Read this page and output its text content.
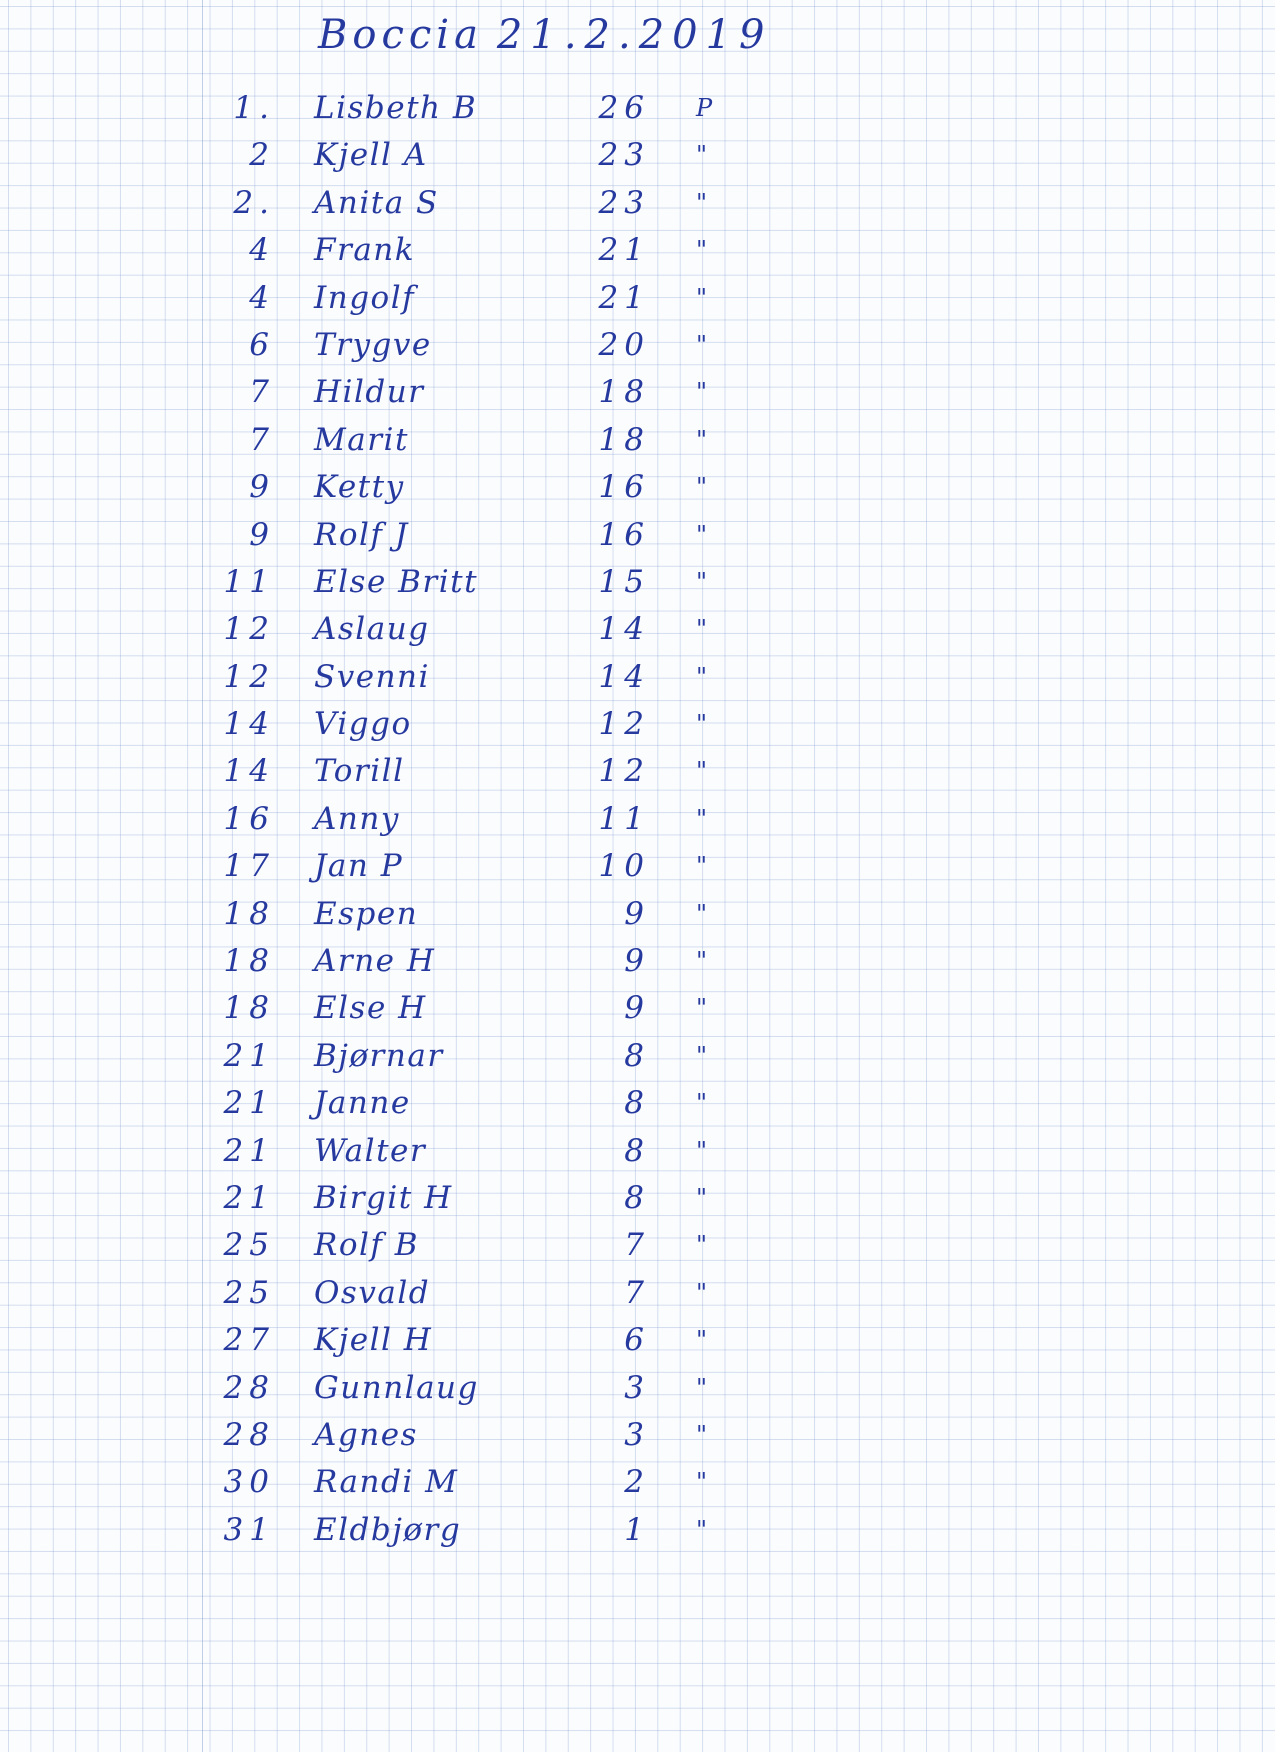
Boccia 21.2.2019
1. Lisbeth B	26 P
2 Kjell A	23 "
2. Anita S	23 "
4 Frank	21 "
4 Ingolf	21 "
6 Trygve	20 "
7 Hildur	18 "
7 Marit	18 "
9 Ketty	16 "
9 Rolf J	16 "
11 Else Britt	15 "
12 Aslaug	14 "
12 Svenni	14 "
14 Viggo	12 "
14 Torill	12 "
16 Anny	11 "
17 Jan P	10 "
18 Espen	9 "
18 Arne H	9 "
18 Else H	9 "
21 Bjørnar	8 "
21 Janne	8 "
21 Walter	8 "
21 Birgit H	8 "
25 Rolf B	7 "
25 Osvald	7 "
27 Kjell H	6 "
28 Gunnlaug	3 "
28 Agnes	3 "
30 Randi M	2 "
31 Eldbjørg	1 "
